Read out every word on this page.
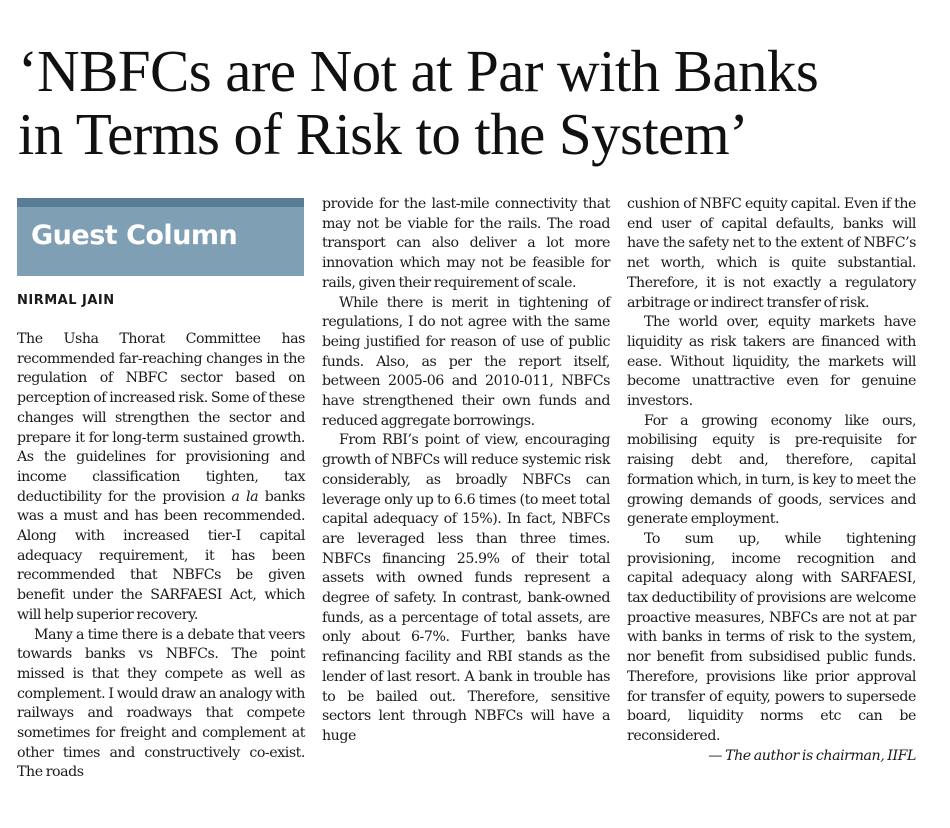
‘NBFCs are Not at Par with Banks
in Terms of Risk to the System’
Guest Column
NIRMAL JAIN

The Usha Thorat Committee has recommended far-reaching changes in the regulation of NBFC sector based on perception of increased risk. Some of these changes will strengthen the sector and prepare it for long-term sustained growth. As the guidelines for provisioning and income classification tighten, tax deductibility for the provision a la banks was a must and has been recommended. Along with increased tier-I capital adequacy requirement, it has been recommended that NBFCs be given benefit under the SARFAESI Act, which will help superior recovery.

Many a time there is a debate that veers towards banks vs NBFCs. The point missed is that they compete as well as complement. I would draw an analogy with railways and roadways that compete sometimes for freight and complement at other times and constructively co-exist. The roads

provide for the last-mile connectivity that may not be viable for the rails. The road transport can also deliver a lot more innovation which may not be feasible for rails, given their requirement of scale.

While there is merit in tightening of regulations, I do not agree with the same being justified for reason of use of public funds. Also, as per the report itself, between 2005-06 and 2010-011, NBFCs have strengthened their own funds and reduced aggregate borrowings.

From RBI’s point of view, encouraging growth of NBFCs will reduce systemic risk considerably, as broadly NBFCs can leverage only up to 6.6 times (to meet total capital adequacy of 15%). In fact, NBFCs are leveraged less than three times. NBFCs financing 25.9% of their total assets with owned funds represent a degree of safety. In contrast, bank-owned funds, as a percentage of total assets, are only about 6-7%. Further, banks have refinancing facility and RBI stands as the lender of last resort. A bank in trouble has to be bailed out. Therefore, sensitive sectors lent through NBFCs will have a huge

cushion of NBFC equity capital. Even if the end user of capital defaults, banks will have the safety net to the extent of NBFC’s net worth, which is quite substantial. Therefore, it is not exactly a regulatory arbitrage or indirect transfer of risk.

The world over, equity markets have liquidity as risk takers are financed with ease. Without liquidity, the markets will become unattractive even for genuine investors.

For a growing economy like ours, mobilising equity is pre-requisite for raising debt and, therefore, capital formation which, in turn, is key to meet the growing demands of goods, services and generate employment.

To sum up, while tightening provisioning, income recognition and capital adequacy along with SARFAESI, tax deductibility of provisions are welcome proactive measures, NBFCs are not at par with banks in terms of risk to the system, nor benefit from subsidised public funds. Therefore, provisions like prior approval for transfer of equity, powers to supersede board, liquidity norms etc can be reconsidered.

— The author is chairman, IIFL
